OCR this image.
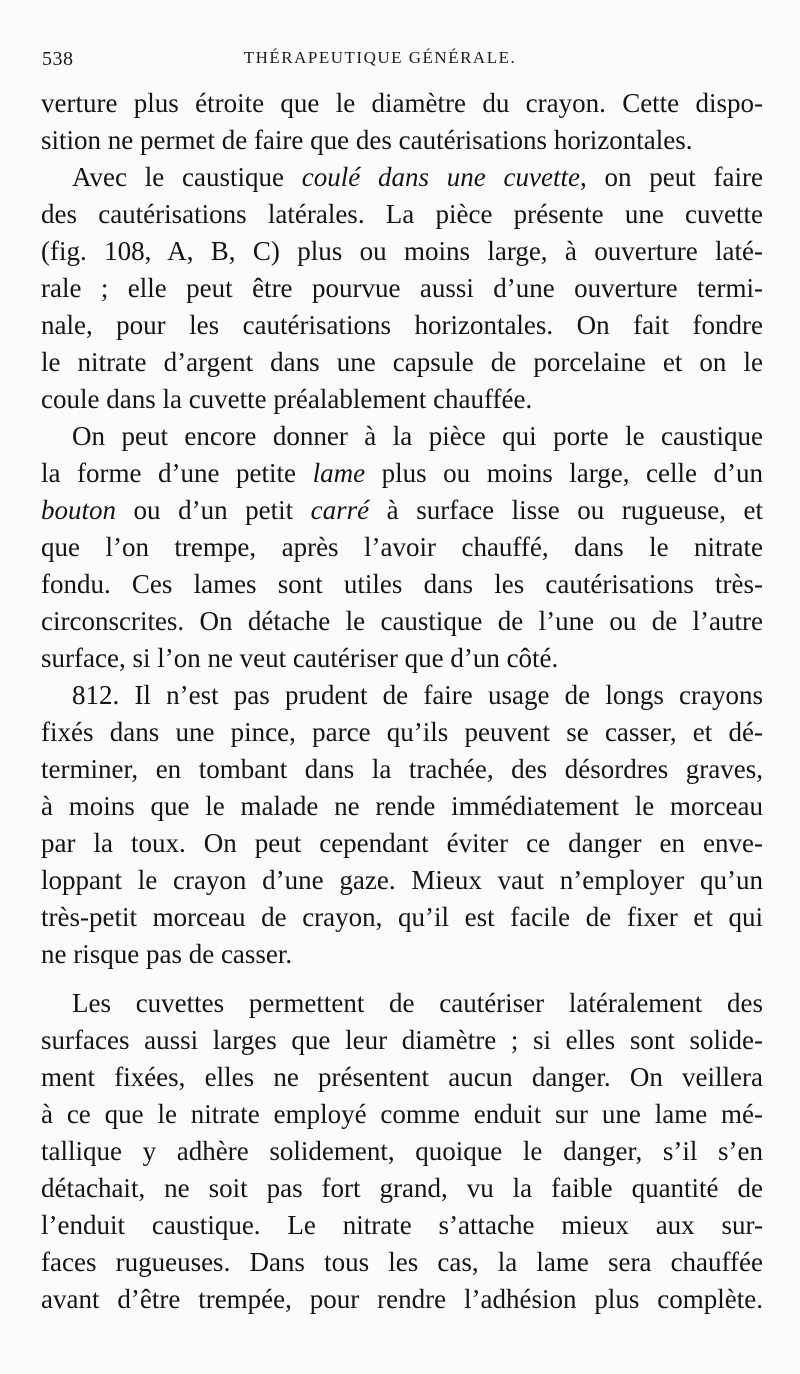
538	THÉRAPEUTIQUE GÉNÉRALE.
verture plus étroite que le diamètre du crayon. Cette dispo-
sition ne permet de faire que des cautérisations horizontales.
Avec le caustique coulé dans une cuvette, on peut faire
des cautérisations latérales. La pièce présente une cuvette
(fig. 108, A, B, C) plus ou moins large, à ouverture laté-
rale ; elle peut être pourvue aussi d’une ouverture termi-
nale, pour les cautérisations horizontales. On fait fondre
le nitrate d’argent dans une capsule de porcelaine et on le
coule dans la cuvette préalablement chauffée.
On peut encore donner à la pièce qui porte le caustique
la forme d’une petite lame plus ou moins large, celle d’un
bouton ou d’un petit carré à surface lisse ou rugueuse, et
que l’on trempe, après l’avoir chauffé, dans le nitrate
fondu. Ces lames sont utiles dans les cautérisations très-
circonscrites. On détache le caustique de l’une ou de l’autre
surface, si l’on ne veut cautériser que d’un côté.
812. Il n’est pas prudent de faire usage de longs crayons
fixés dans une pince, parce qu’ils peuvent se casser, et dé-
terminer, en tombant dans la trachée, des désordres graves,
à moins que le malade ne rende immédiatement le morceau
par la toux. On peut cependant éviter ce danger en enve-
loppant le crayon d’une gaze. Mieux vaut n’employer qu’un
très-petit morceau de crayon, qu’il est facile de fixer et qui
ne risque pas de casser.
Les cuvettes permettent de cautériser latéralement des
surfaces aussi larges que leur diamètre ; si elles sont solide-
ment fixées, elles ne présentent aucun danger. On veillera
à ce que le nitrate employé comme enduit sur une lame mé-
tallique y adhère solidement, quoique le danger, s’il s’en
détachait, ne soit pas fort grand, vu la faible quantité de
l’enduit caustique. Le nitrate s’attache mieux aux sur-
faces rugueuses. Dans tous les cas, la lame sera chauffée
avant d’être trempée, pour rendre l’adhésion plus complète.
